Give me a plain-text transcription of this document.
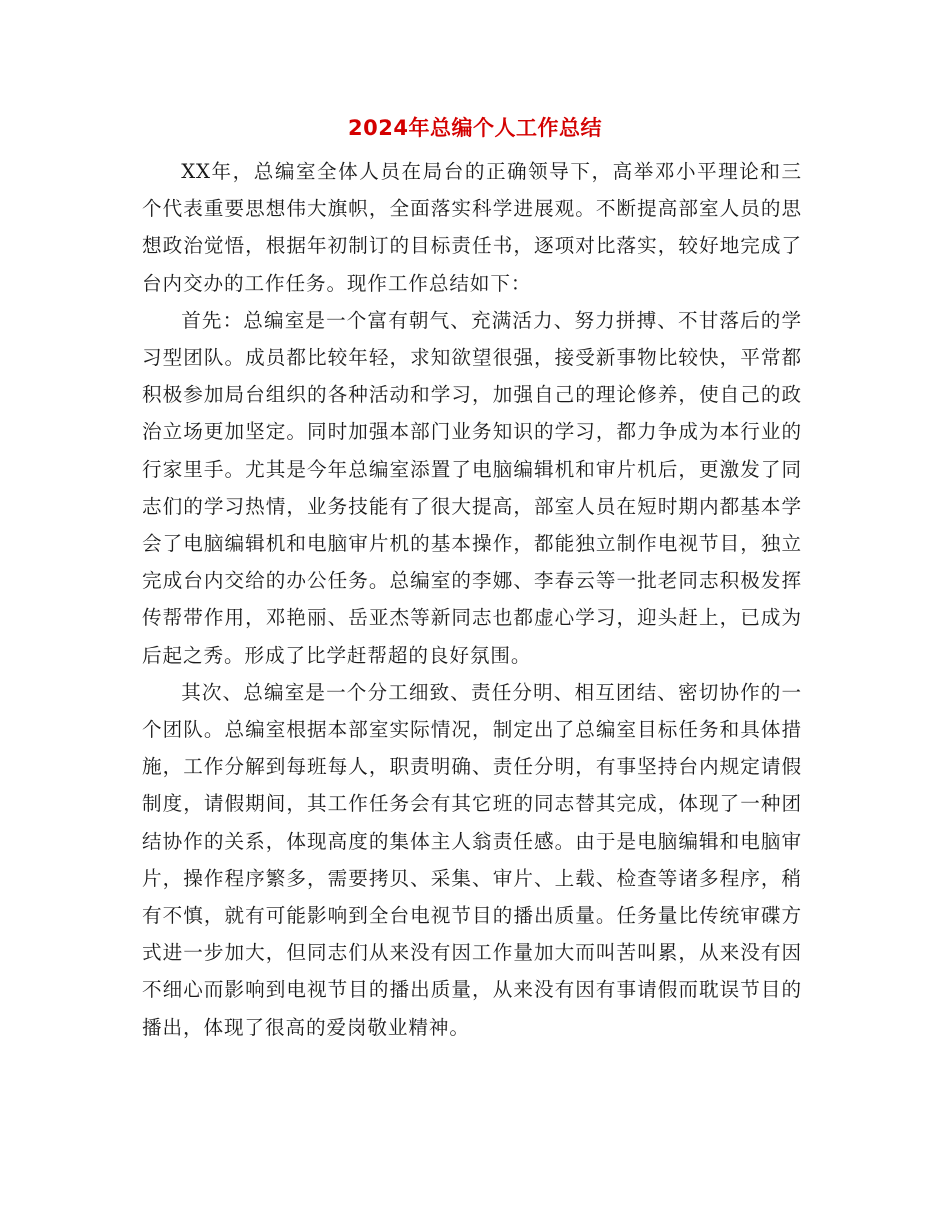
2024年总编个人工作总结

XX年，总编室全体人员在局台的正确领导下，高举邓小平理论和三个代表重要思想伟大旗帜，全面落实科学进展观。不断提高部室人员的思想政治觉悟，根据年初制订的目标责任书，逐项对比落实，较好地完成了台内交办的工作任务。现作工作总结如下：

首先：总编室是一个富有朝气、充满活力、努力拼搏、不甘落后的学习型团队。成员都比较年轻，求知欲望很强，接受新事物比较快，平常都积极参加局台组织的各种活动和学习，加强自己的理论修养，使自己的政治立场更加坚定。同时加强本部门业务知识的学习，都力争成为本行业的行家里手。尤其是今年总编室添置了电脑编辑机和审片机后，更激发了同志们的学习热情，业务技能有了很大提高，部室人员在短时期内都基本学会了电脑编辑机和电脑审片机的基本操作，都能独立制作电视节目，独立完成台内交给的办公任务。总编室的李娜、李春云等一批老同志积极发挥传帮带作用，邓艳丽、岳亚杰等新同志也都虚心学习，迎头赶上，已成为后起之秀。形成了比学赶帮超的良好氛围。

其次、总编室是一个分工细致、责任分明、相互团结、密切协作的一个团队。总编室根据本部室实际情况，制定出了总编室目标任务和具体措施，工作分解到每班每人，职责明确、责任分明，有事坚持台内规定请假制度，请假期间，其工作任务会有其它班的同志替其完成，体现了一种团结协作的关系，体现高度的集体主人翁责任感。由于是电脑编辑和电脑审片，操作程序繁多，需要拷贝、采集、审片、上载、检查等诸多程序，稍有不慎，就有可能影响到全台电视节目的播出质量。任务量比传统审碟方式进一步加大，但同志们从来没有因工作量加大而叫苦叫累，从来没有因不细心而影响到电视节目的播出质量，从来没有因有事请假而耽误节目的播出，体现了很高的爱岗敬业精神。
